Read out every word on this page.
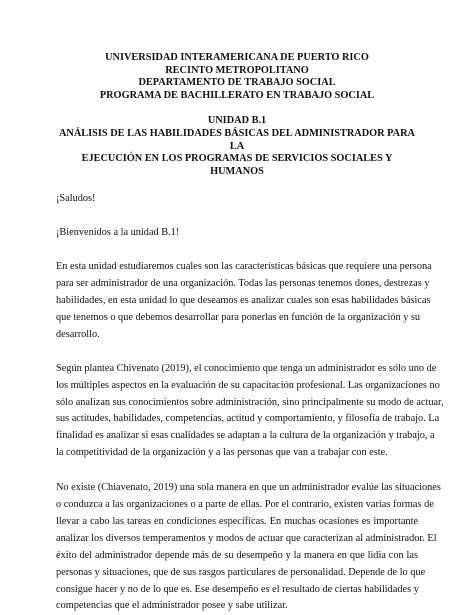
UNIVERSIDAD INTERAMERICANA DE PUERTO RICO
RECINTO METROPOLITANO
DEPARTAMENTO DE TRABAJO SOCIAL
PROGRAMA DE BACHILLERATO EN TRABAJO SOCIAL
UNIDAD B.1
ANÁLISIS DE LAS HABILIDADES BÁSICAS DEL ADMINISTRADOR PARA LA
EJECUCIÓN EN LOS PROGRAMAS DE SERVICIOS SOCIALES Y HUMANOS

¡Saludos!

¡Bienvenidos a la unidad B.1!

En esta unidad estudiaremos cuales son las características básicas que requiere una persona
para ser administrador de una organización. Todas las personas tenemos dones, destrezas y
habilidades, en esta unidad lo que deseamos es analizar cuales son esas habilidades básicas
que tenemos o que debemos desarrollar para ponerlas en función de la organización y su
desarrollo.

Según plantea Chivenato (2019), el conocimiento que tenga un administrador es sólo uno de
los múltiples aspectos en la evaluación de su capacitación profesional. Las organizaciones no
sólo analizan sus conocimientos sobre administración, sino principalmente su modo de actuar,
sus actitudes, habilidades, competencias, actitud y comportamiento, y filosofía de trabajo. La
finalidad es analizar si esas cualidades se adaptan a la cultura de la organización y trabajo, a
la competitividad de la organización y a las personas que van a trabajar con este.

No existe (Chiavenato, 2019) una sola manera en que un administrador evalúe las situaciones
o conduzca a las organizaciones o a parte de ellas. Por el contrario, existen varias formas de
llevar a cabo las tareas en condiciones específicas. En muchas ocasiones es importante
analizar los diversos temperamentos y modos de actuar que caracterizan al administrador. El
éxito del administrador depende más de su desempeño y la manera en que lidia con las
personas y situaciones, que de sus rasgos particulares de personalidad. Depende de lo que
consigue hacer y no de lo que es. Ese desempeño es el resultado de ciertas habilidades y
competencias que el administrador posee y sabe utilizar.
